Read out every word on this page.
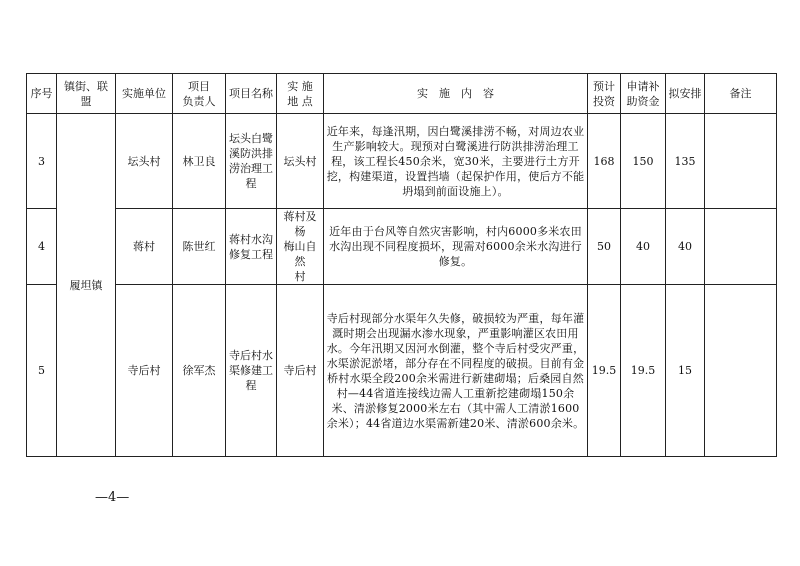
序号	镇街、联盟	实施单位	项目
负责人	项目名称	实 施
地 点	实　施　内　容	预计
投资	申请补
助资金	拟安排	备注
3	履坦镇	坛头村	林卫良	坛头白鹭
溪防洪排
涝治理工
程	坛头村	近年来，每逢汛期，因白鹭溪排涝不畅，对周边农业生产影响较大。现预对白鹭溪进行防洪排涝治理工程，该工程长450余米，宽30米，主要进行土方开挖，构建渠道，设置挡墙（起保护作用，使后方不能坍塌到前面设施上）。	168	150	135	
4		蒋村	陈世红	蒋村水沟
修复工程	蒋村及杨
梅山自然
村	近年由于台风等自然灾害影响，村内6000多米农田水沟出现不同程度损坏，现需对6000余米水沟进行修复。	50	40	40	
5		寺后村	徐军杰	寺后村水
渠修建工
程	寺后村	寺后村现部分水渠年久失修，破损较为严重，每年灌溉时期会出现漏水渗水现象，严重影响灌区农田用水。今年汛期又因河水倒灌，整个寺后村受灾严重，水渠淤泥淤堵，部分存在不同程度的破损。目前有金桥村水渠全段200余米需进行新建砌塌；后桑园自然村—44省道连接线边需人工重新挖建砌塌150余米、清淤修复2000米左右（其中需人工清淤1600余米）；44省道边水渠需新建20米、清淤600余米。	19.5	19.5	15	
—4—
